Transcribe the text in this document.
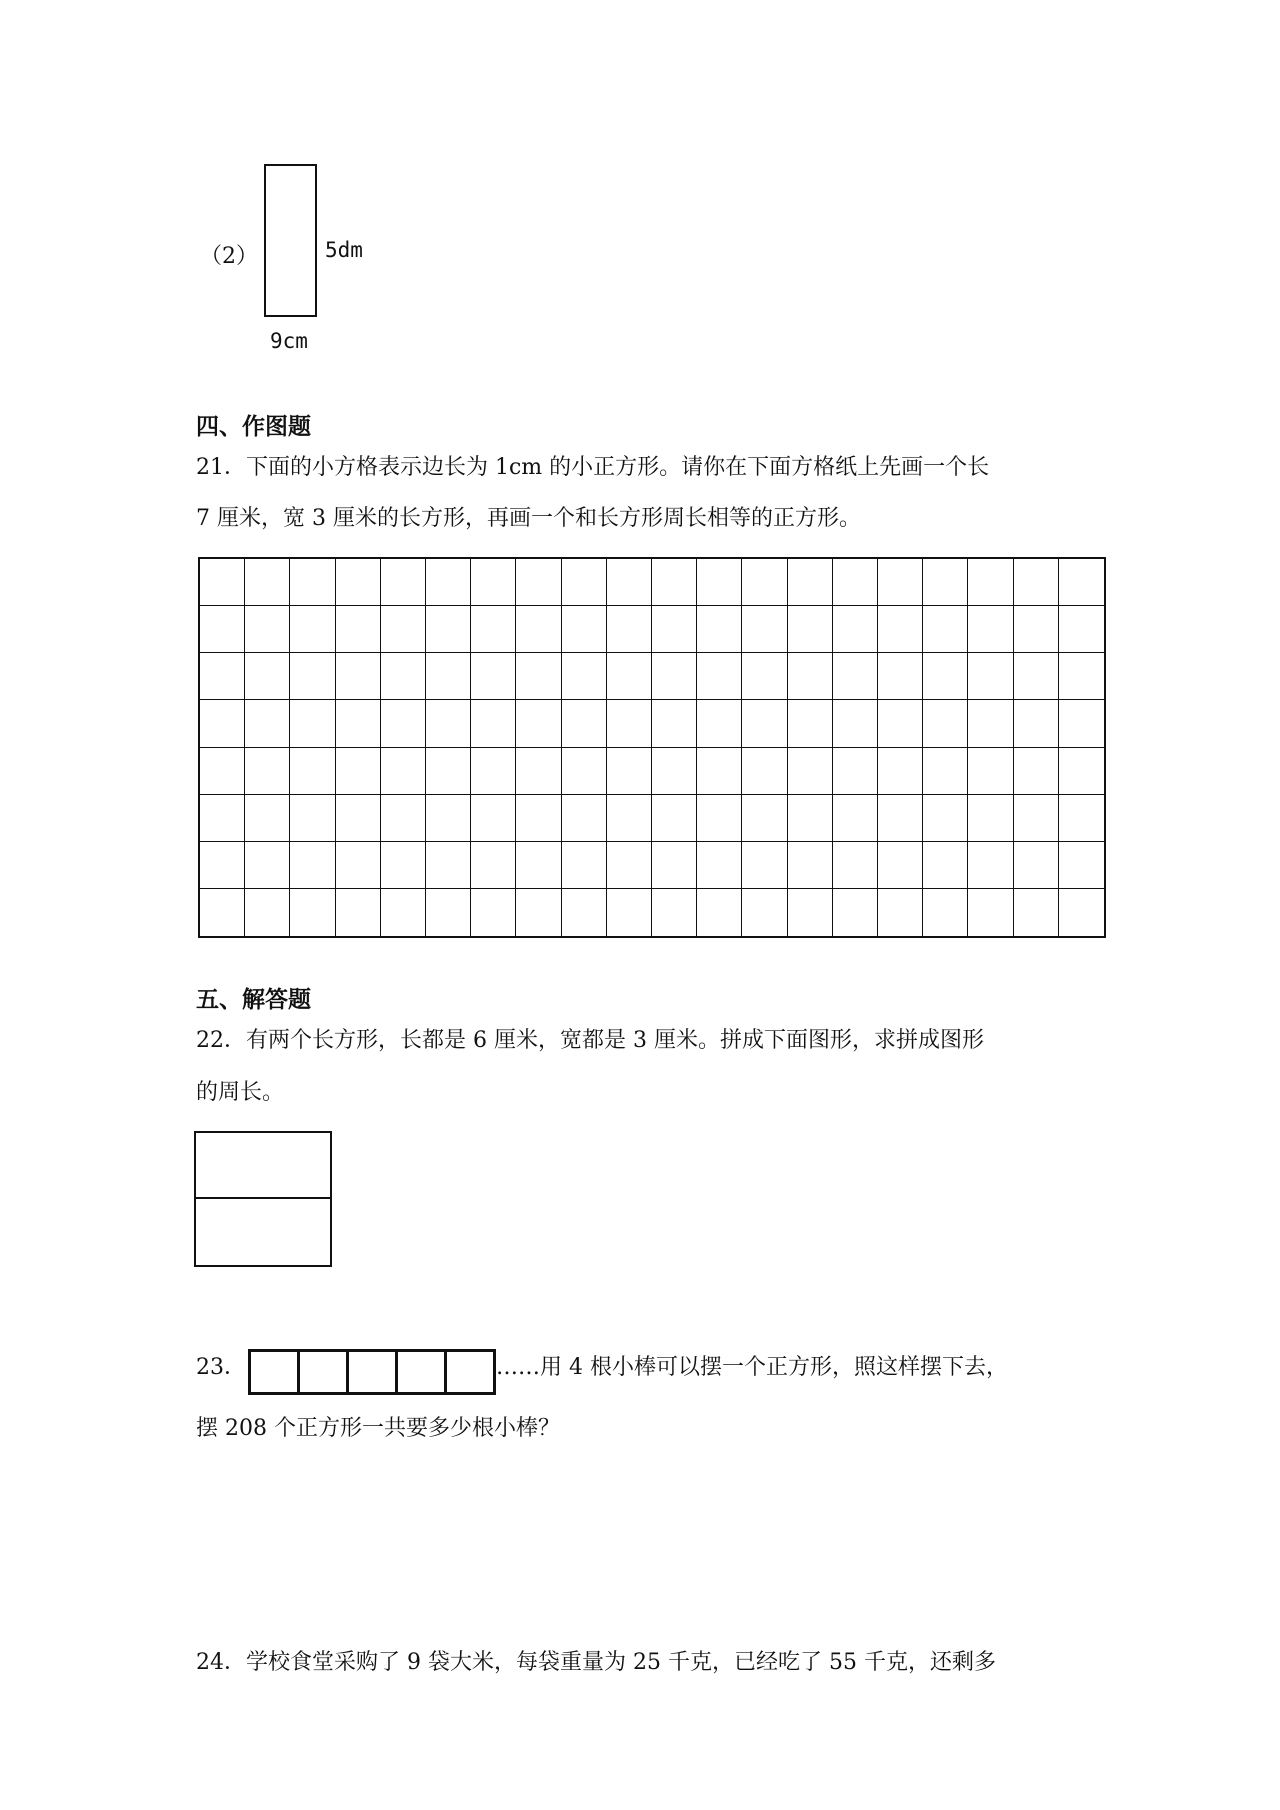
（2）	5dm
9cm
四、作图题
21．下面的小方格表示边长为 1cm 的小正方形。请你在下面方格纸上先画一个长
7 厘米，宽 3 厘米的长方形，再画一个和长方形周长相等的正方形。
五、解答题
22．有两个长方形，长都是 6 厘米，宽都是 3 厘米。拼成下面图形，求拼成图形
的周长。
23．	……用 4 根小棒可以摆一个正方形，照这样摆下去，
摆 208 个正方形一共要多少根小棒？
24．学校食堂采购了 9 袋大米，每袋重量为 25 千克，已经吃了 55 千克，还剩多
